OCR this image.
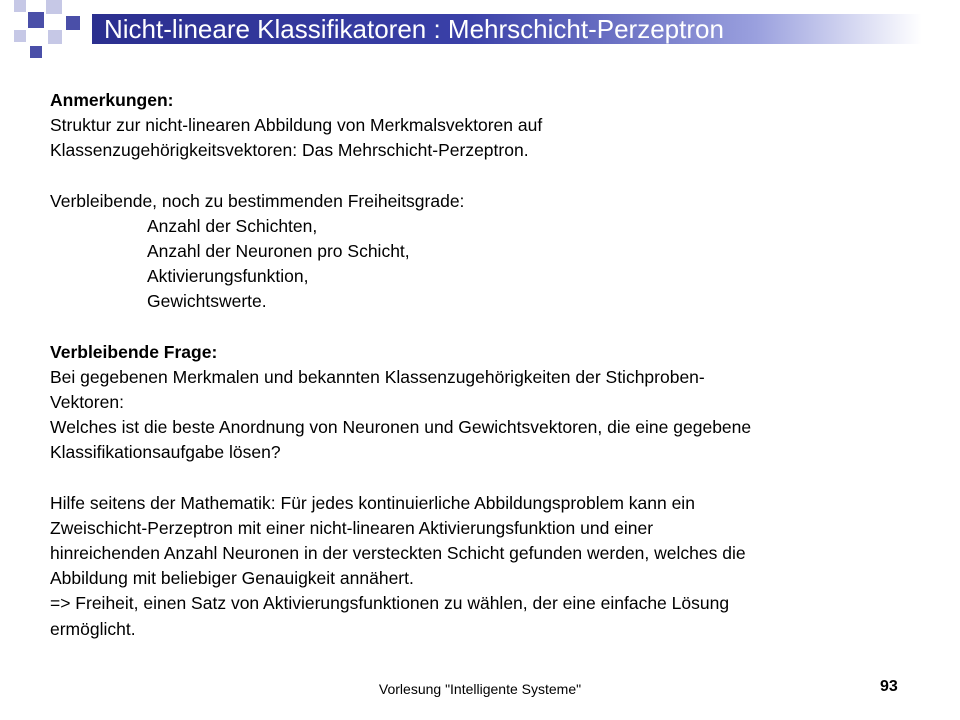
Nicht-lineare Klassifikatoren : Mehrschicht-Perzeptron

Anmerkungen:

Struktur zur nicht-linearen Abbildung von Merkmalsvektoren auf

Klassenzugehörigkeitsvektoren: Das Mehrschicht-Perzeptron.

Verbleibende, noch zu bestimmenden Freiheitsgrade:

Anzahl der Schichten,

Anzahl der Neuronen pro Schicht,

Aktivierungsfunktion,

Gewichtswerte.

Verbleibende Frage:

Bei gegebenen Merkmalen und bekannten Klassenzugehörigkeiten der Stichproben-

Vektoren:

Welches ist die beste Anordnung von Neuronen und Gewichtsvektoren, die eine gegebene

Klassifikationsaufgabe lösen?

Hilfe seitens der Mathematik: Für jedes kontinuierliche Abbildungsproblem kann ein

Zweischicht-Perzeptron mit einer nicht-linearen Aktivierungsfunktion und einer

hinreichenden Anzahl Neuronen in der versteckten Schicht gefunden werden, welches die

Abbildung mit beliebiger Genauigkeit annähert.

=> Freiheit, einen Satz von Aktivierungsfunktionen zu wählen, der eine einfache Lösung

ermöglicht.

Vorlesung "Intelligente Systeme"	93
